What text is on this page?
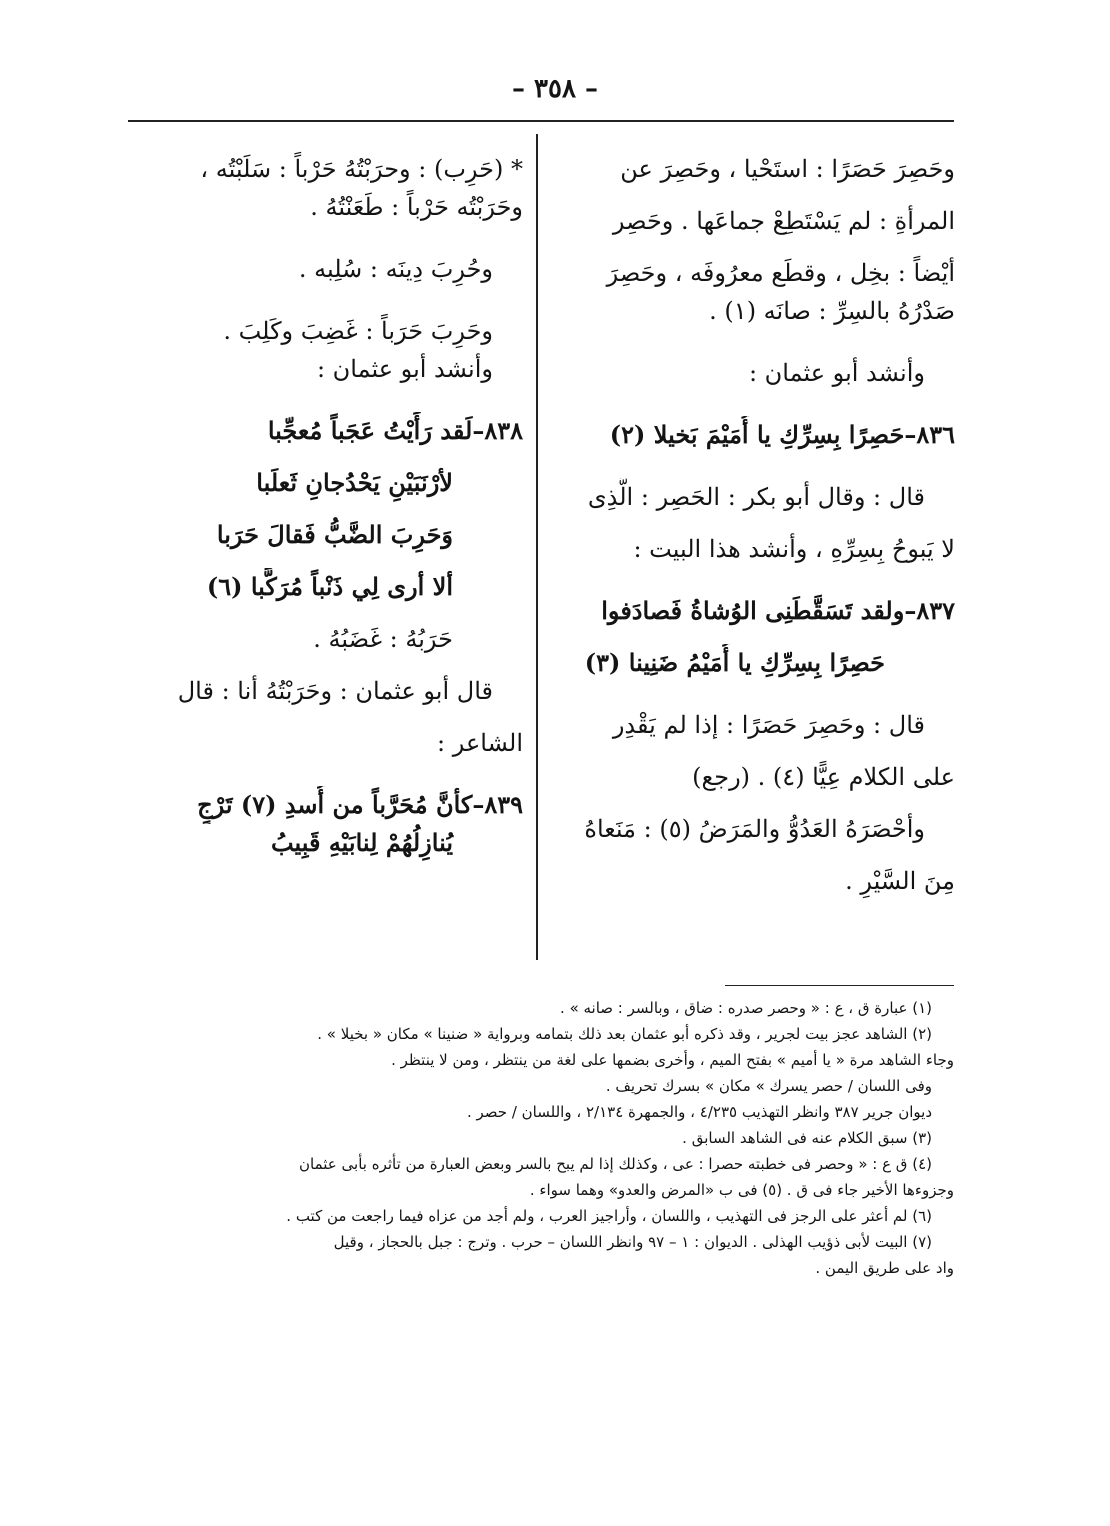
– ٣٥٨ –
وحَصِرَ حَصَرًا : استَحْيا ، وحَصِرَ عن
المرأةِ : لم يَسْتَطِعْ جماعَها . وحَصِر
أيْضاً : بخِل ، وقطَع معرُوفَه ، وحَصِرَ
صَدْرُهُ بالسِرِّ : صانَه (١) .
وأنشد أبو عثمان :
٨٣٦–حَصِرًا بِسِرِّكِ يا أُمَيْمَ بَخيلا (٢)
قال : وقال أبو بكر : الحَصِر : الَّذِى
لا يَبوحُ بِسِرِّهِ ، وأنشد هذا البيت :
٨٣٧–ولقد تَسَقَّطَنِى الوُشاةُ فَصادَفوا
حَصِرًا بِسِرِّكِ يا أُمَيْمُ ضَنِينا (٣)
قال : وحَصِرَ حَصَرًا : إذا لم يَقْدِر
على الكلام عِيًّا (٤) . (رجع)
وأحْصَرَهُ العَدُوُّ والمَرَضُ (٥) : مَنَعاهُ
مِنَ السَّيْرِ .
* (حَرِب) : وحرَبْتُهُ حَرْباً : سَلَبْتُه ،
وحَرَبْتُه حَرْباً : طَعَنْتُهُ .
وحُرِبَ دِينَه : سُلِبه .
وحَرِبَ حَرَباً : غَضِبَ وكَلِبَ .
وأنشد أبو عثمان :
٨٣٨–لَقد رَأَيْتُ عَجَباً مُعجِّبا
لأرْنَبَيْنِ يَحْدُجانِ ثَعلَبا
وَحَرِبَ الضَّبُّ فَقالَ حَرَبا
ألا أرى لِي ذَنْباً مُرَكَّبا (٦)
حَرَبُهُ : غَضَبُهُ .
قال أبو عثمان : وحَرَبْتُهُ أنا : قال
الشاعر :
٨٣٩–كأنَّ مُحَرَّباً من أُسدِ (٧) تَرْجٍ
يُنازِلُهُمْ لِنابَيْهِ قَبِيبُ
(١) عبارة ق ، ع : « وحصر صدره : ضاق ، وبالسر : صانه » .
(٢) الشاهد عجز بيت لجرير ، وقد ذكره أبو عثمان بعد ذلك بتمامه وبرواية « ضنينا » مكان « بخيلا » .
وجاء الشاهد مرة « يا أميم » بفتح الميم ، وأخرى بضمها على لغة من ينتظر ، ومن لا ينتظر .
وفى اللسان / حصر يسرك » مكان » بسرك تحريف .
ديوان جرير ٣٨٧ وانظر التهذيب ٤/٢٣٥ ، والجمهرة ٢/١٣٤ ، واللسان / حصر .
(٣) سبق الكلام عنه فى الشاهد السابق .
(٤) ق ع : « وحصر فى خطبته حصرا : عى ، وكذلك إذا لم يبح بالسر وبعض العبارة من تأثره بأبى عثمان
وجزوءها الأخير جاء فى ق . (٥) فى ب «المرض والعدو» وهما سواء .
(٦) لم أعثر على الرجز فى التهذيب ، واللسان ، وأراجيز العرب ، ولم أجد من عزاه فيما راجعت من كتب .
(٧) البيت لأبى ذؤيب الهذلى . الديوان : ١ – ٩٧ وانظر اللسان – حرب . وترج : جبل بالحجاز ، وقيل
واد على طريق اليمن .
